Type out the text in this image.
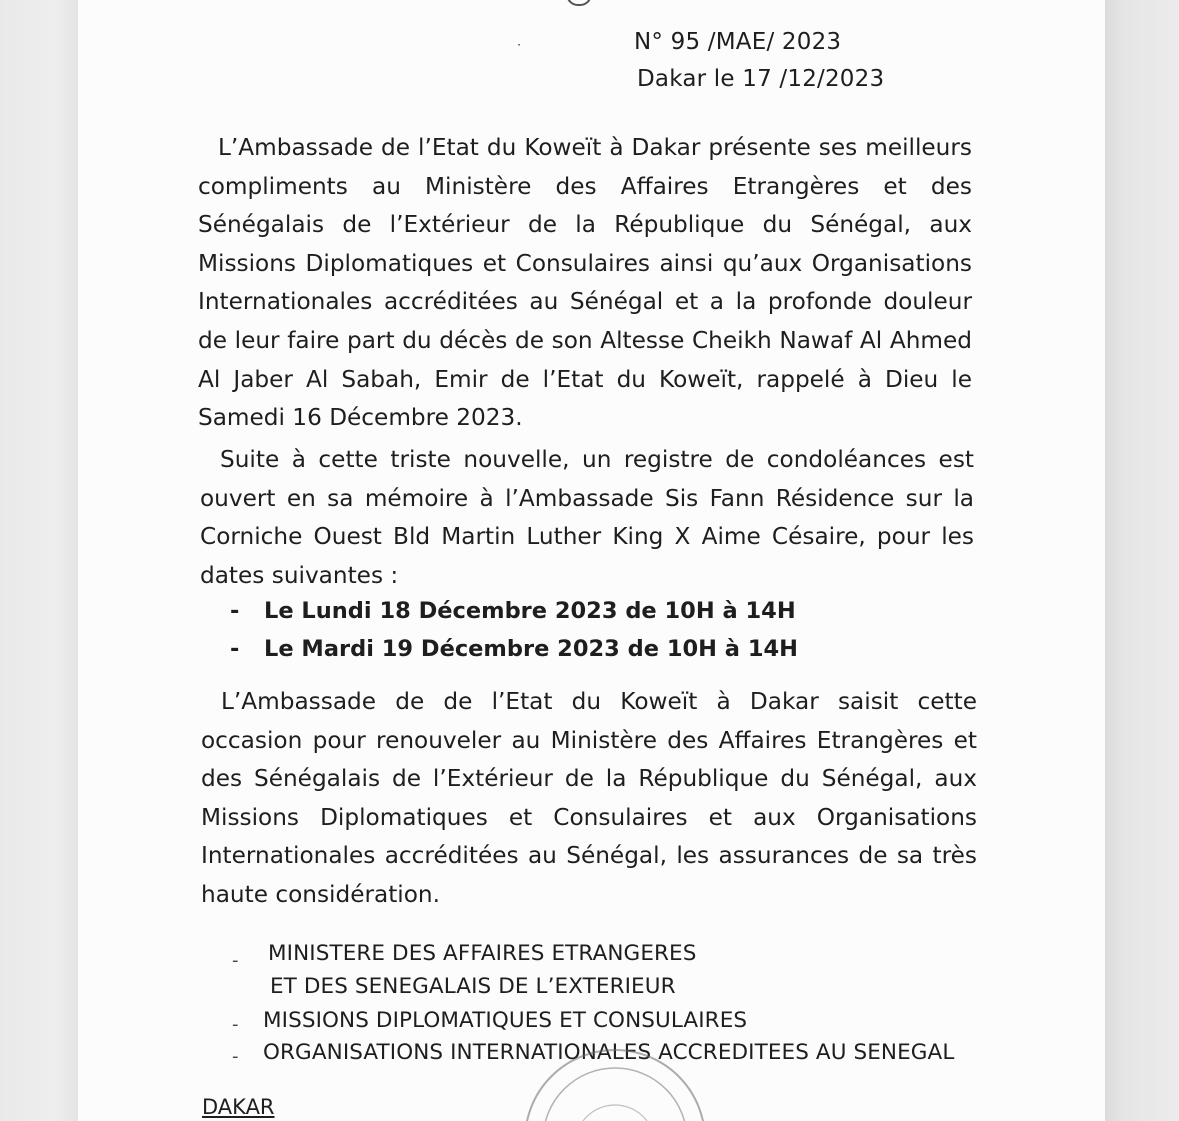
ᐧ	N° 95 /MAE/ 2023
Dakar le 17 /12/2023

L’Ambassade de l’Etat du Koweït à Dakar présente ses meilleurs compliments au Ministère des Affaires Etrangères et des Sénégalais de l’Extérieur de la République du Sénégal, aux Missions Diplomatiques et Consulaires ainsi qu’aux Organisations Internationales accréditées au Sénégal et a la profonde douleur de leur faire part du décès de son Altesse Cheikh Nawaf Al Ahmed Al Jaber Al Sabah, Emir de l’Etat du Koweït, rappelé à Dieu le Samedi 16 Décembre 2023.

Suite à cette triste nouvelle, un registre de condoléances est ouvert en sa mémoire à l’Ambassade Sis Fann Résidence sur la Corniche Ouest Bld Martin Luther King X Aime Césaire, pour les dates suivantes :

- Le Lundi 18 Décembre 2023 de 10H à 14H
- Le Mardi 19 Décembre 2023 de 10H à 14H

L’Ambassade de de l’Etat du Koweït à Dakar saisit cette occasion pour renouveler au Ministère des Affaires Etrangères et des Sénégalais de l’Extérieur de la République du Sénégal, aux Missions Diplomatiques et Consulaires et aux Organisations Internationales accréditées au Sénégal, les assurances de sa très haute considération.

- MINISTERE DES AFFAIRES ETRANGERES
ET DES SENEGALAIS DE L’EXTERIEUR
- MISSIONS DIPLOMATIQUES ET CONSULAIRES
- ORGANISATIONS INTERNATIONALES ACCREDITEES AU SENEGAL
DAKAR
